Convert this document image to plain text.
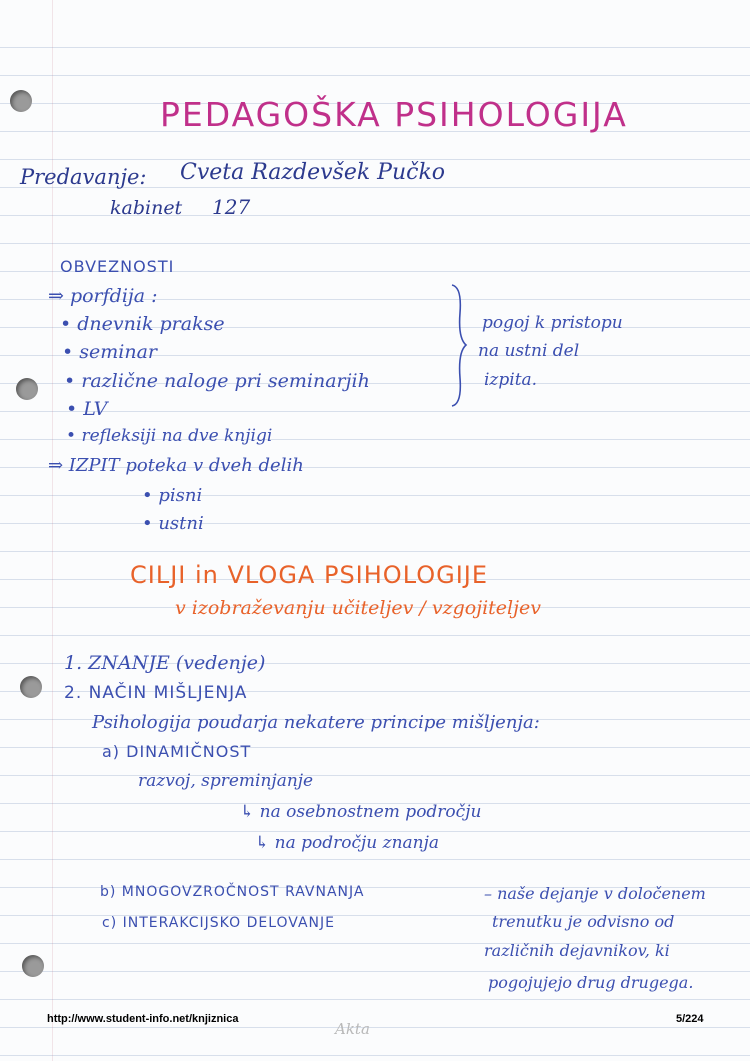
PEDAGOŠKA PSIHOLOGIJA
Predavanje: Cveta Razdevšek Pučko
kabinet 127
OBVEZNOSTI
⇒ porfdija :
• dnevnik prakse
• seminar
• različne naloge pri seminarjih
• LV
• refleksiji na dve knjigi
pogoj k pristopu
na ustni del
izpita.
⇒ IZPIT poteka v dveh delih
• pisni
• ustni
CILJI in VLOGA PSIHOLOGIJE
v izobraževanju učiteljev / vzgojiteljev
1. ZNANJE (vedenje)
2. NAČIN MIŠLJENJA
Psihologija poudarja nekatere principe mišljenja:
a) DINAMIČNOST
razvoj, spreminjanje
↳ na osebnostnem področju
↳ na področju znanja
b) MNOGOVZROČNOST RAVNANJA
c) INTERAKCIJSKO DELOVANJE
– naše dejanje v določenem
trenutku je odvisno od
različnih dejavnikov, ki
pogojujejo drug drugega.
http://www.student-info.net/knjiznica	5/224
Akta
